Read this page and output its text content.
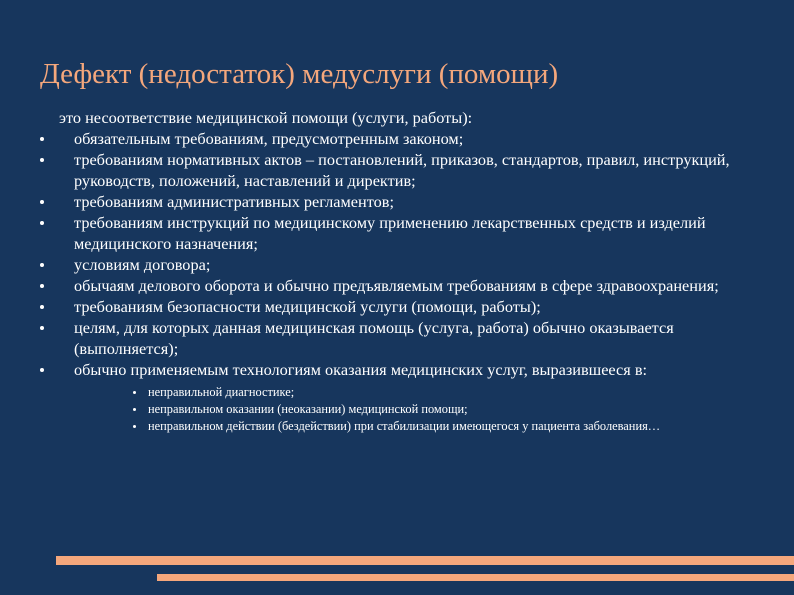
Дефект (недостаток) медуслуги (помощи)
это несоответствие медицинской помощи (услуги, работы):
обязательным требованиям, предусмотренным законом;
требованиям нормативных актов – постановлений, приказов, стандартов, правил, инструкций, руководств, положений, наставлений и директив;
требованиям административных регламентов;
требованиям инструкций по медицинскому применению лекарственных средств и изделий медицинского назначения;
условиям договора;
обычаям делового оборота и обычно предъявляемым требованиям в сфере здравоохранения;
требованиям безопасности медицинской услуги (помощи, работы);
целям, для которых данная медицинская помощь (услуга, работа) обычно оказывается (выполняется);
обычно применяемым технологиям оказания медицинских услуг, выразившееся в:
неправильной диагностике;
неправильном оказании (неоказании) медицинской помощи;
неправильном действии (бездействии) при стабилизации имеющегося у пациента заболевания…
